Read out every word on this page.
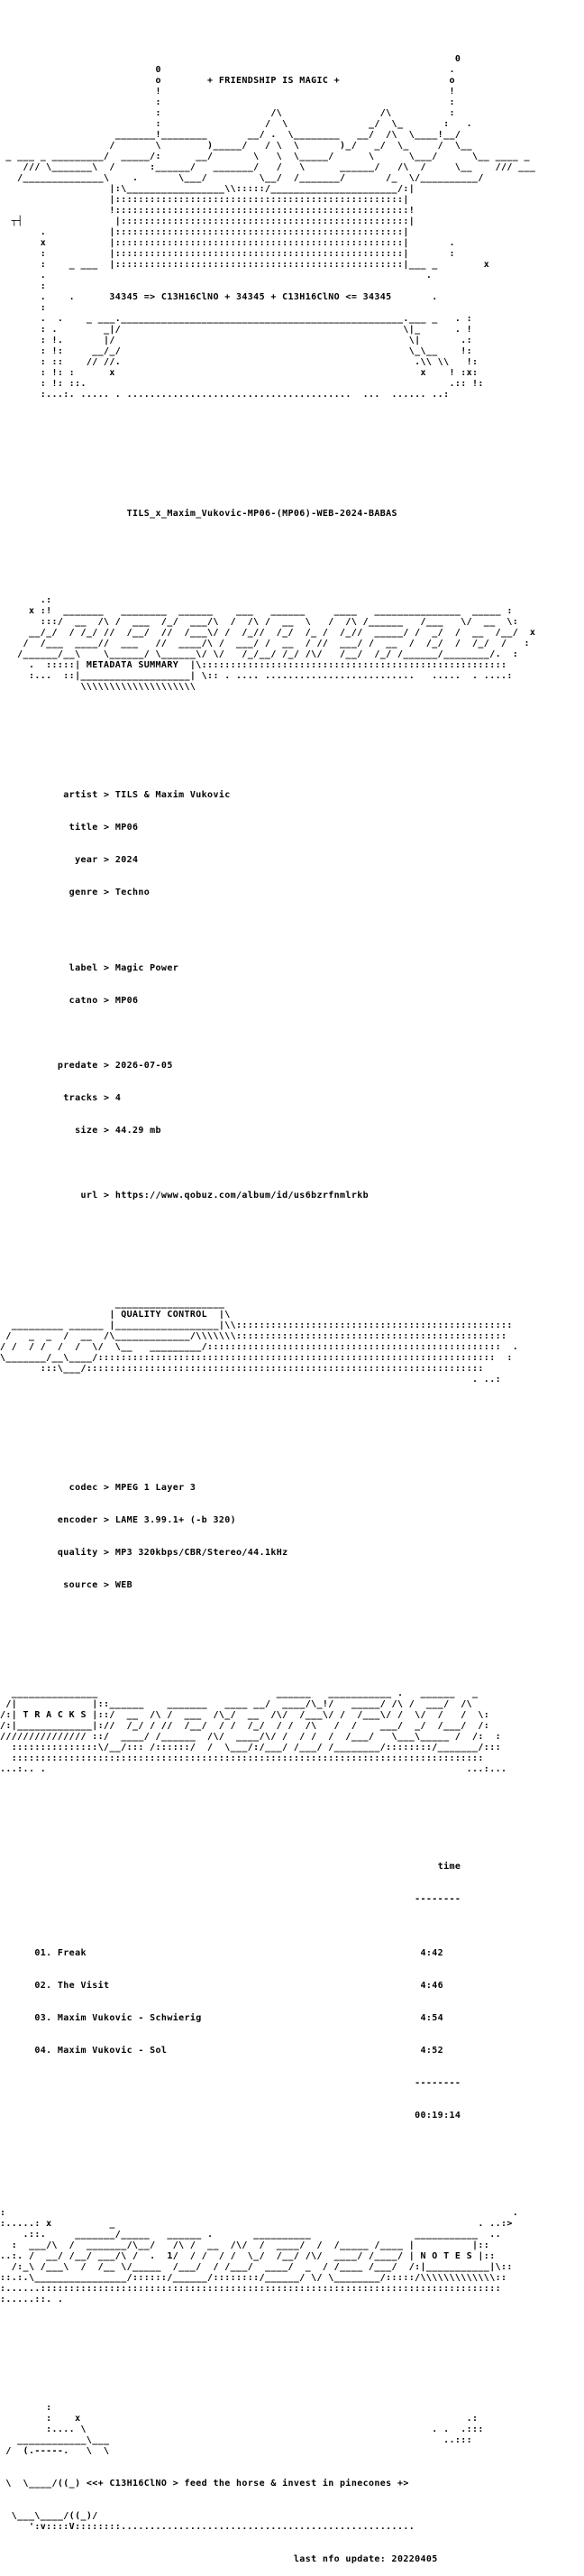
0
0                                                  .
o        + FRIENDSHIP IS MAGIC +                   o
!                                                  !
:                                                  :
:                   /\                 /\          :
:                  /  \              _/  \_       :   .
_______!________       __/ .  \________   __/  /\  \____!__/
/       \        )_____/   / \  \       )_/   _/  \_     /  \__
_ ___ _ _________/  _____/:      __/       \   \  \_____/      \      \___/      \__ ____ _
/// \_______\  /      :______/   _______/   /   \      ______/   /\  /     \__    /// ___
/______________\    .       \___/         \__/  /_______/       /_  \/__________/
|:\_________________\\:::::/______________________/:|
|::::::::::::::::::::::::::::::::::::::::::::::::::|
!:::::::::::::::::::::::::::::::::::::::::::::::::::!
┬┤                |::::::::::::::::::::::::::::::::::::::::::::::::::|
.           |::::::::::::::::::::::::::::::::::::::::::::::::::|
x           |::::::::::::::::::::::::::::::::::::::::::::::::::|       .
:           |::::::::::::::::::::::::::::::::::::::::::::::::::|       :
:    _ ___  |::::::::::::::::::::::::::::::::::::::::::::::::::|___ _        x
.                                                                  .
:
.    .      34345 => C13H16ClNO + 34345 + C13H16ClNO <= 34345       .
:
.  .    _ ___._________________________________________________.___ _   . :
: .        _|/                                                 \|_      . !
: !.       |/                                                   \|       .:
: !:     __/_/                                                  \_\__    !:
: ::    // //.                                                   .\\ \\   !:
: !: :      x                                                     x    ! :x:
: !: ::.                                                               .:: !:
:...:. ..... . .......................................  ...  ...... ..:

TILS_x_Maxim_Vukovic-MP06-(MP06)-WEB-2024-BABAS

.:
x :!  _______   ________  ______    ___   ______     ____   _______________  _____ :
:::/  __  /\ /  ___  /_/  ___/\  /  /\ /  __  \   /  /\ /______   /___   \/  __  \:
__/_/  / /_/ //  /__/  //  /___\/ /  /_//  /_/  /_ /  /_//  _____/ /  _/  /  __  /__/  x
/  /___  ____//  ___   //  ____/\ /  ___/ /  __  / //  ___/ /  __  /  /_/  /  /_/  /   :
/______/__\    \______/ \______\/ \/   /_/__/ /_/ /\/   /__/  /_/ /______/________/.  :
.  :::::| METADATA SUMMARY  |\:::::::::::::::::::::::::::::::::::::::::::::::::::::
:...  ::|___________________| \:: . .... ..........................   .....  . ....:
\\\\\\\\\\\\\\\\\\\\

artist > TILS & Maxim Vukovic

title > MP06

year > 2024

genre > Techno

label > Magic Power

catno > MP06

predate > 2026-07-05

tracks > 4

size > 44.29 mb

url > https://www.qobuz.com/album/id/us6bzrfnmlrkb

___________________
| QUALITY CONTROL  |\
_________ ______ |__________________|\\::::::::::::::::::::::::::::::::::::::::::::::::
/   _  _  /  __  /\_____________/\\\\\\\:::::::::::::::::::::::::::::::::::::::::::::::
/ /  / /  /  /  \/  \__   _________/:::::::::::::::::::::::::::::::::::::::::::::::::::  .
\_______/__\____/:::::::::::::::::::::::::::::::::::::::::::::::::::::::::::::::::::::  :
:::\___/:::::::::::::::::::::::::::::::::::::::::::::::::::::::::::::::::::::
. ..:

codec > MPEG 1 Layer 3

encoder > LAME 3.99.1+ (-b 320)

quality > MP3 320kbps/CBR/Stereo/44.1kHz

source > WEB

_______________                               ______   ___________ .   ______   _
/|             |::______    _______   ____ __/  ____/\_!/   _____/ /\ /  ___/  /\
/:| T R A C K S |::/  __  /\ /  ___  /\_/  __  /\/  /___\/ /  /___\/ /  \/  /   /  \:
/:|_____________|://  /_/ / //  /__/  / /  /_/  / /  /\   /  /    ___/  _/  /___/  /:
/////////////// ::/  ____/ /______  /\/  ____/\/ /  / /  /  /___/   \___\_____ /  /:  :
:::::::::::::::\/__/::: /::::::/  /  \___/:/___/ /___/ /________/::::::::/_______/:::
::::::::::::::::::::::::::::::::::::::::::::::::::::::::::::::::::::::::::::::::::
...:.. .                                                                         ...:...

time

--------

01. Freak	4:42

02. The Visit	4:46

03. Maxim Vukovic - Schwierig	4:54

04. Maxim Vukovic - Sol	4:52

--------

00:19:14

:                                                                                        .
:.....: x          _                                                               . ..:>
.::.     _______/_____   ______ .       __________                  ___________  ..
:  ___/\  /  _______/\__/   /\ /  __  /\/  /  ____/  /  /_____ /____ |          |::
..:. /  __/ /__/ ___/\ /  .  1/  / /  / /  \_/  /__/ /\/  ____/ /____/ | N O T E S |::
/:_\ /___\  /  /__ \/_____  /___/  / /___/  ____/  _  / /____ /___/  /:|___________|\::
::.:.\________________/::::::/______/::::::::/______/ \/ \________/:::::/\\\\\\\\\\\\\::
:......::::::::::::::::::::::::::::::::::::::::::::::::::::::::::::::::::::::::::::::::
:.....::. .

:
:    x                                                                   .:
:.... \                                                            . .  .:::
____________\___                                                          ..:::
/  (.-----.   \  \

\  \____/((_) <<+ C13H16ClNO > feed the horse & invest in pinecones +>

\___\____/((_)/
':v::::V::::::::...................................................

last nfo update: 20220405
